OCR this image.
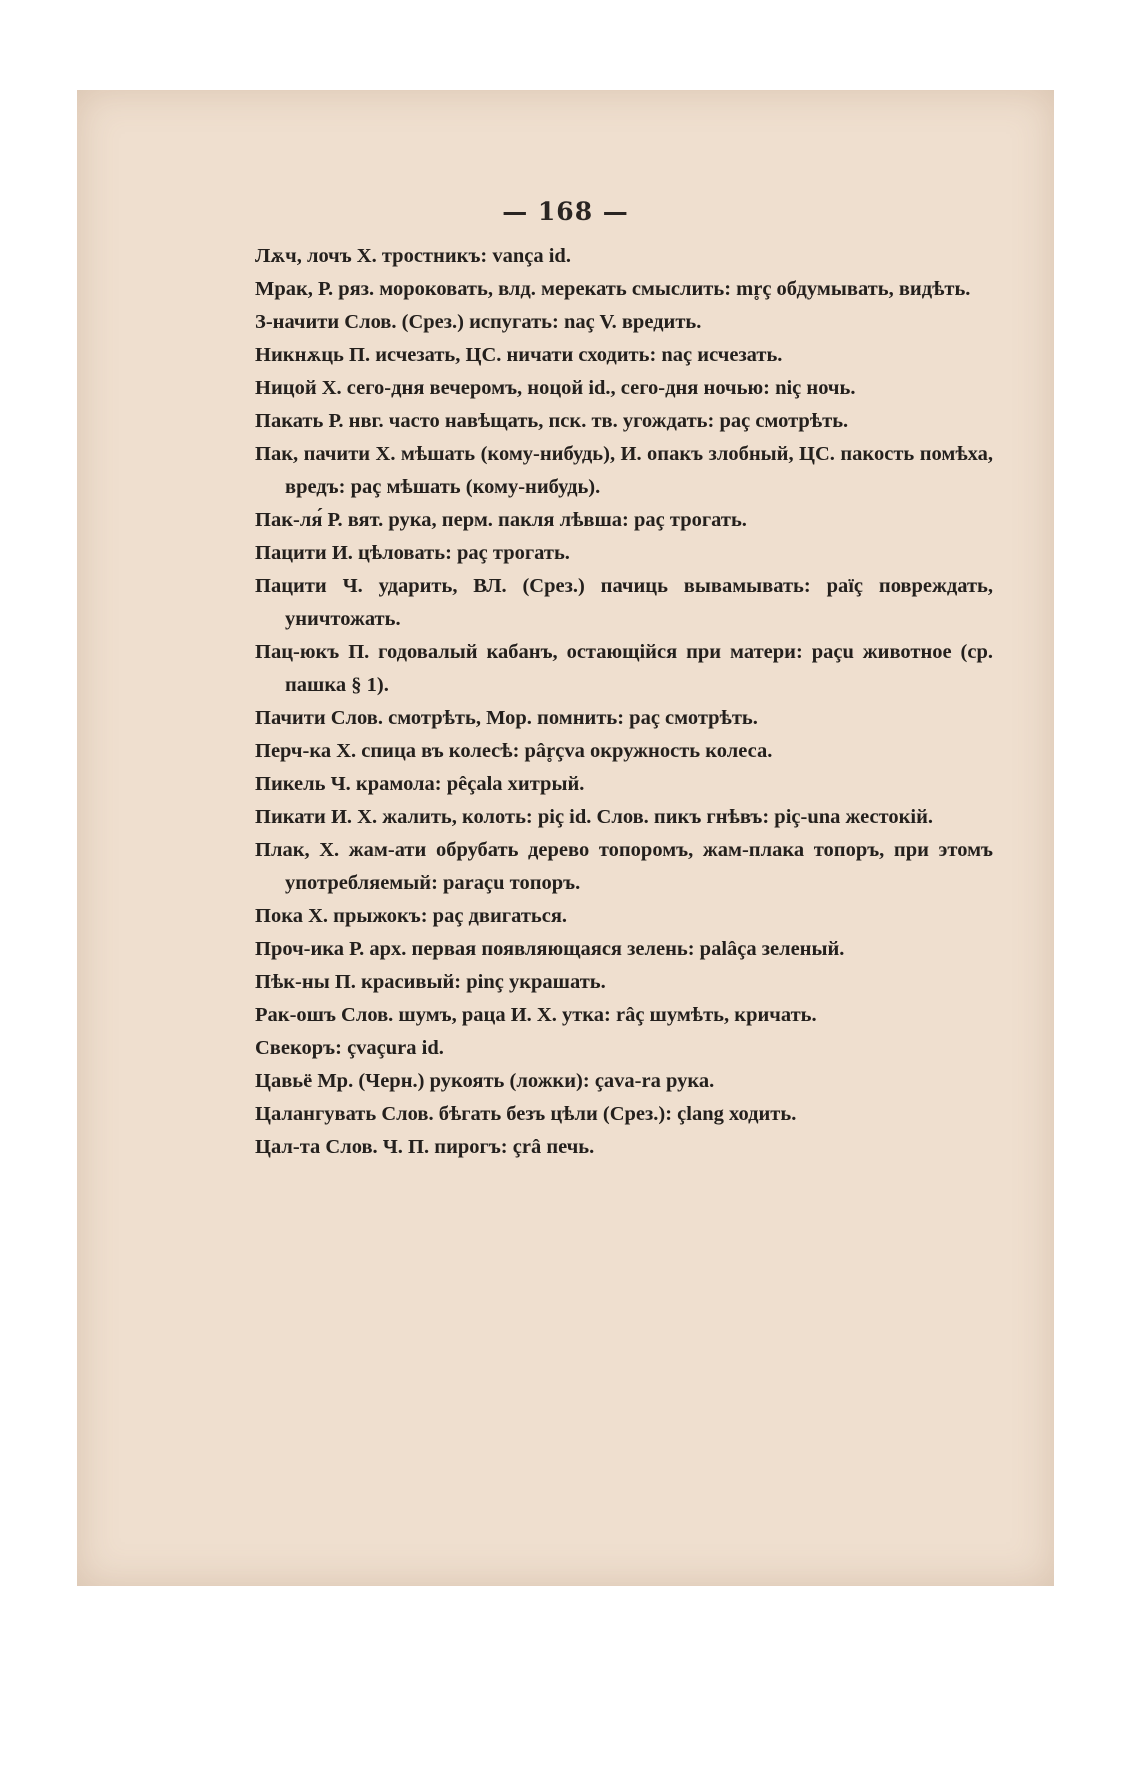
— 168 —
Лѫч, лочъ Х. тростникъ: vança id.
Мрак, Р. ряз. мороковать, влд. мерекать смыслить: mr̥ç обдумывать, видѣть.
З-начити Слов. (Срез.) испугать: naç V. вредить.
Никнѫць П. исчезать, ЦС. ничати сходить: naç исчезать.
Ницой Х. сего-дня вечеромъ, ноцой id., сего-дня ночью: niç ночь.
Пакать Р. нвг. часто навѣщать, пск. тв. угождать: paç смотрѣть.
Пак, пачити Х. мѣшать (кому-нибудь), И. опакъ злобный, ЦС. пакость помѣха, вредъ: paç мѣшать (кому-нибудь).
Пак-ля́ Р. вят. рука, перм. пакля лѣвша: paç трогать.
Пацити И. цѣловать: paç трогать.
Пацити Ч. ударить, ВЛ. (Срез.) пачиць вывамывать: païç повреждать, уничтожать.
Пац-юкъ П. годовалый кабанъ, остающійся при матери: paçu животное (ср. пашка § 1).
Пачити Слов. смотрѣть, Мор. помнить: paç смотрѣть.
Перч-ка Х. спица въ колесѣ: pâr̥çva окружность колеса.
Пикель Ч. крамола: pêçala хитрый.
Пикати И. Х. жалить, колоть: piç id. Слов. пикъ гнѣвъ: piç-una жестокій.
Плак, Х. жам-ати обрубать дерево топоромъ, жам-плака топоръ, при этомъ употребляемый: paraçu топоръ.
Пока Х. прыжокъ: paç двигаться.
Проч-ика Р. арх. первая появляющаяся зелень: palâça зеленый.
Пѣк-ны П. красивый: pinç украшать.
Рак-ошъ Слов. шумъ, раца И. Х. утка: râç шумѣть, кричать.
Свекоръ: çvaçura id.
Цавьё Мр. (Черн.) рукоять (ложки): çava-ra рука.
Цалангувать Слов. бѣгать безъ цѣли (Срез.): çlang ходить.
Цал-та Слов. Ч. П. пирогъ: çrâ печь.
